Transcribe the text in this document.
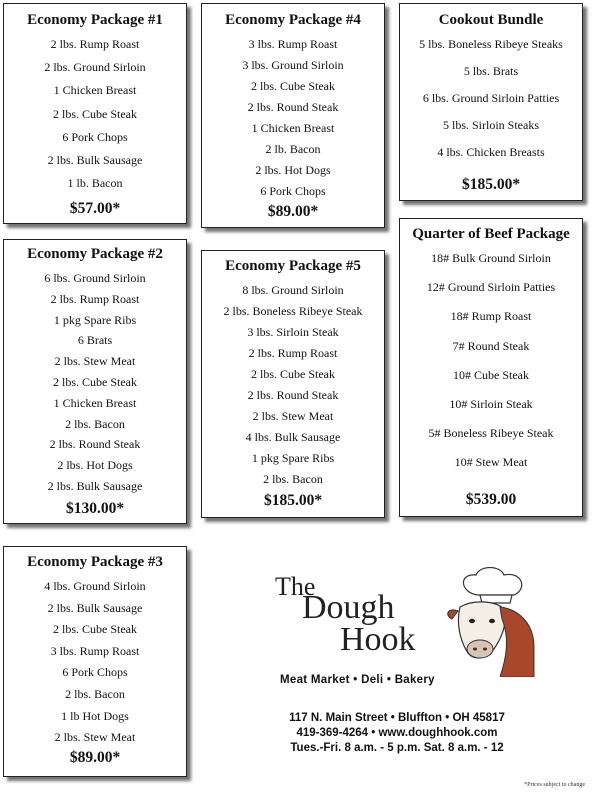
Economy Package #1
2 lbs. Rump Roast
2 lbs. Ground Sirloin
1 Chicken Breast
2 lbs. Cube Steak
6 Pork Chops
2 lbs. Bulk Sausage
1 lb. Bacon
$57.00*
Economy Package #4
3 lbs. Rump Roast
3 lbs. Ground Sirloin
2 lbs. Cube Steak
2 lbs. Round Steak
1 Chicken Breast
2 lb. Bacon
2 lbs. Hot Dogs
6 Pork Chops
$89.00*
Cookout Bundle
5 lbs. Boneless Ribeye Steaks
5 lbs. Brats
6 lbs. Ground Sirloin Patties
5 lbs. Sirloin Steaks
4 lbs. Chicken Breasts
$185.00*
Economy Package #2
6 lbs. Ground Sirloin
2 lbs. Rump Roast
1 pkg Spare Ribs
6 Brats
2 lbs. Stew Meat
2 lbs. Cube Steak
1 Chicken Breast
2 lbs. Bacon
2 lbs. Round Steak
2 lbs. Hot Dogs
2 lbs. Bulk Sausage
$130.00*
Economy Package #5
8 lbs. Ground Sirloin
2 lbs. Boneless Ribeye Steak
3 lbs. Sirloin Steak
2 lbs. Rump Roast
2 lbs. Cube Steak
2 lbs. Round Steak
2 lbs. Stew Meat
4 lbs. Bulk Sausage
1 pkg Spare Ribs
2 lbs. Bacon
$185.00*
Quarter of Beef Package
18# Bulk Ground Sirloin
12# Ground Sirloin Patties
18# Rump Roast
7# Round Steak
10# Cube Steak
10# Sirloin Steak
5# Boneless Ribeye Steak
10# Stew Meat
$539.00
Economy Package #3
4 lbs. Ground Sirloin
2 lbs. Bulk Sausage
2 lbs. Cube Steak
3 lbs. Rump Roast
6 Pork Chops
2 lbs. Bacon
1 lb Hot Dogs
2 lbs. Stew Meat
$89.00*
The
Dough
Hook
Meat Market • Deli • Bakery
117 N. Main Street • Bluffton • OH 45817
419-369-4264 • www.doughhook.com
Tues.-Fri. 8 a.m. - 5 p.m. Sat. 8 a.m. - 12
*Prices subject to change
